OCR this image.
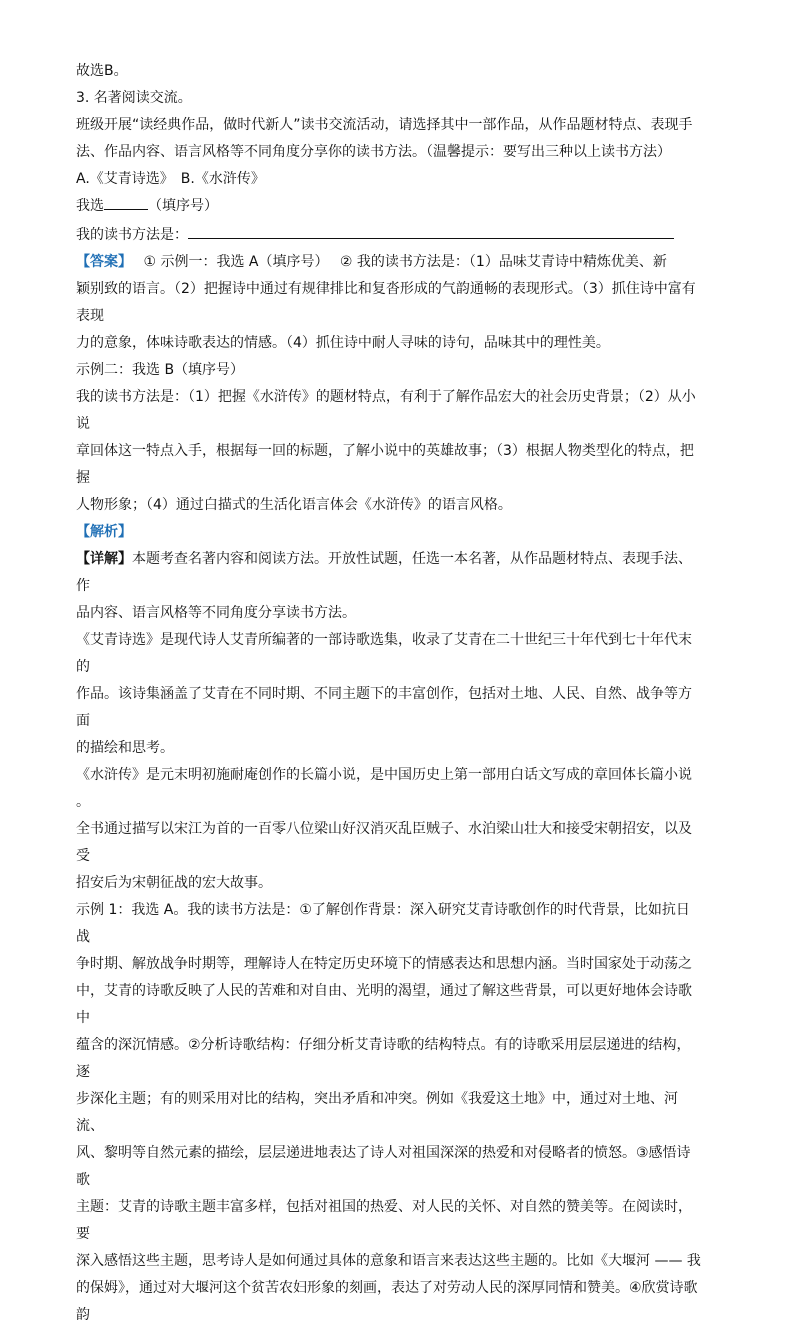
故选B。

3. 名著阅读交流。

班级开展“读经典作品，做时代新人”读书交流活动，请选择其中一部作品，从作品题材特点、表现手

法、作品内容、语言风格等不同角度分享你的读书方法。（温馨提示：要写出三种以上读书方法）

A.《艾青诗选》　B.《水浒传》

我选	（填序号）

我的读书方法是：

【答案】　 ① 示例一：我选 A（填序号）　 ② 我的读书方法是：（1）品味艾青诗中精炼优美、新

颖别致的语言。（2）把握诗中通过有规律排比和复沓形成的气韵通畅的表现形式。（3）抓住诗中富有表现

力的意象，体味诗歌表达的情感。（4）抓住诗中耐人寻味的诗句，品味其中的理性美。

示例二：我选 B（填序号）

我的读书方法是：（1）把握《水浒传》的题材特点，有利于了解作品宏大的社会历史背景；（2）从小说

章回体这一特点入手，根据每一回的标题，了解小说中的英雄故事；（3）根据人物类型化的特点，把握

人物形象；（4）通过白描式的生活化语言体会《水浒传》的语言风格。

【解析】

【详解】本题考查名著内容和阅读方法。开放性试题，任选一本名著，从作品题材特点、表现手法、作

品内容、语言风格等不同角度分享读书方法。

《艾青诗选》是现代诗人艾青所编著的一部诗歌选集，收录了艾青在二十世纪三十年代到七十年代末的

作品。该诗集涵盖了艾青在不同时期、不同主题下的丰富创作，包括对土地、人民、自然、战争等方面

的描绘和思考。

《水浒传》是元末明初施耐庵创作的长篇小说，是中国历史上第一部用白话文写成的章回体长篇小说 。

全书通过描写以宋江为首的一百零八位梁山好汉消灭乱臣贼子、水泊梁山壮大和接受宋朝招安，以及受

招安后为宋朝征战的宏大故事。

示例 1：我选 A。我的读书方法是：①了解创作背景：深入研究艾青诗歌创作的时代背景，比如抗日战

争时期、解放战争时期等，理解诗人在特定历史环境下的情感表达和思想内涵。当时国家处于动荡之

中，艾青的诗歌反映了人民的苦难和对自由、光明的渴望，通过了解这些背景，可以更好地体会诗歌中

蕴含的深沉情感。②分析诗歌结构：仔细分析艾青诗歌的结构特点。有的诗歌采用层层递进的结构，逐

步深化主题；有的则采用对比的结构，突出矛盾和冲突。例如《我爱这土地》中，通过对土地、河流、

风、黎明等自然元素的描绘，层层递进地表达了诗人对祖国深深的热爱和对侵略者的愤怒。③感悟诗歌

主题：艾青的诗歌主题丰富多样，包括对祖国的热爱、对人民的关怀、对自然的赞美等。在阅读时，要

深入感悟这些主题，思考诗人是如何通过具体的意象和语言来表达这些主题的。比如《大堰河 —— 我

的保姆》，通过对大堰河这个贫苦农妇形象的刻画，表达了对劳动人民的深厚同情和赞美。④欣赏诗歌韵
